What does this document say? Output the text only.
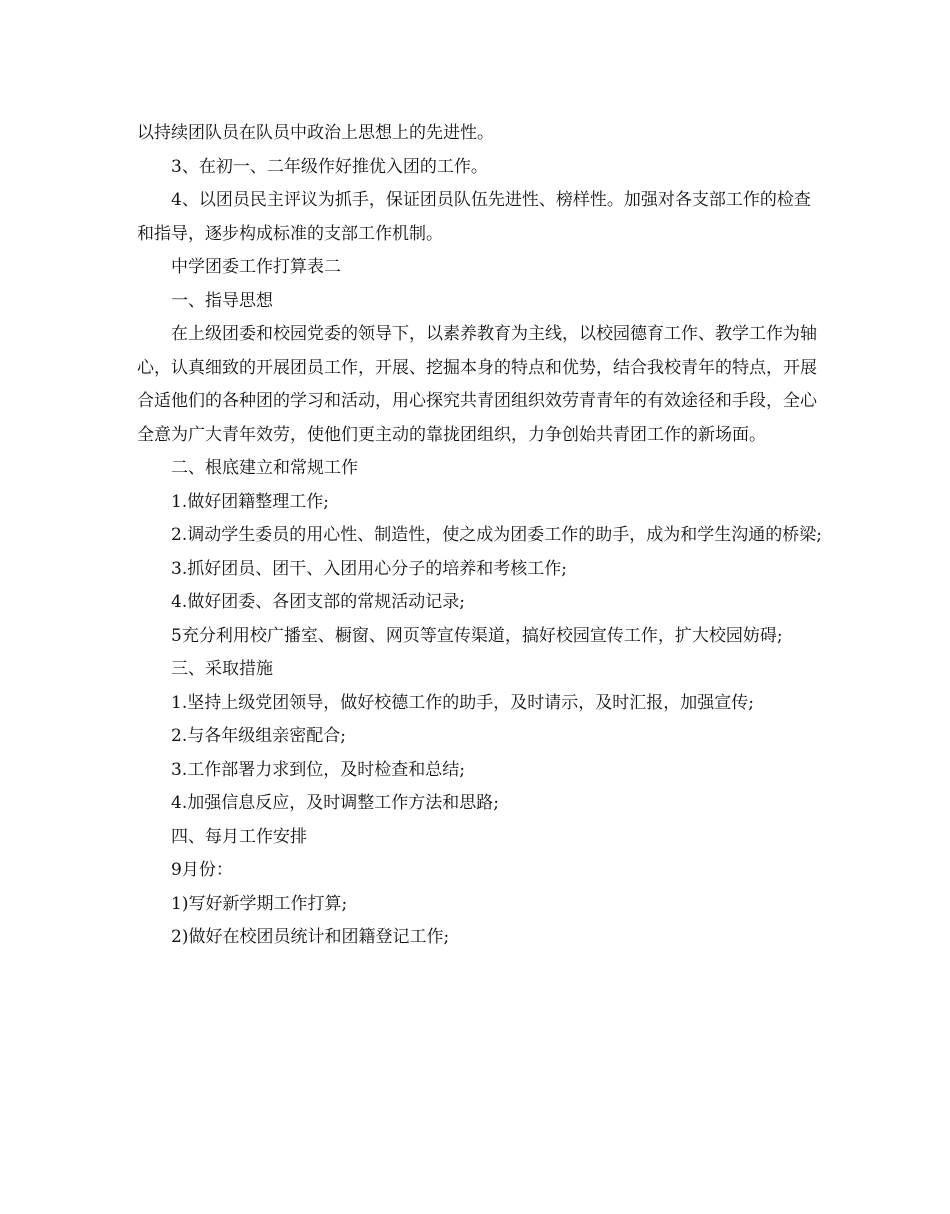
以持续团队员在队员中政治上思想上的先进性。

3、在初一、二年级作好推优入团的工作。

4、以团员民主评议为抓手，保证团员队伍先进性、榜样性。加强对各支部工作的检查和指导，逐步构成标准的支部工作机制。

中学团委工作打算表二

一、指导思想

在上级团委和校园党委的领导下，以素养教育为主线，以校园德育工作、教学工作为轴心，认真细致的开展团员工作，开展、挖掘本身的特点和优势，结合我校青年的特点，开展合适他们的各种团的学习和活动，用心探究共青团组织效劳青青年的有效途径和手段，全心全意为广大青年效劳，使他们更主动的靠拢团组织，力争创始共青团工作的新场面。

二、根底建立和常规工作

1.做好团籍整理工作;

2.调动学生委员的用心性、制造性，使之成为团委工作的助手，成为和学生沟通的桥梁;

3.抓好团员、团干、入团用心分子的培养和考核工作;

4.做好团委、各团支部的常规活动记录;

5充分利用校广播室、橱窗、网页等宣传渠道，搞好校园宣传工作，扩大校园妨碍;

三、采取措施

1.坚持上级党团领导，做好校德工作的助手，及时请示，及时汇报，加强宣传;

2.与各年级组亲密配合;

3.工作部署力求到位，及时检查和总结;

4.加强信息反应，及时调整工作方法和思路;

四、每月工作安排

9月份：

1)写好新学期工作打算;

2)做好在校团员统计和团籍登记工作;
